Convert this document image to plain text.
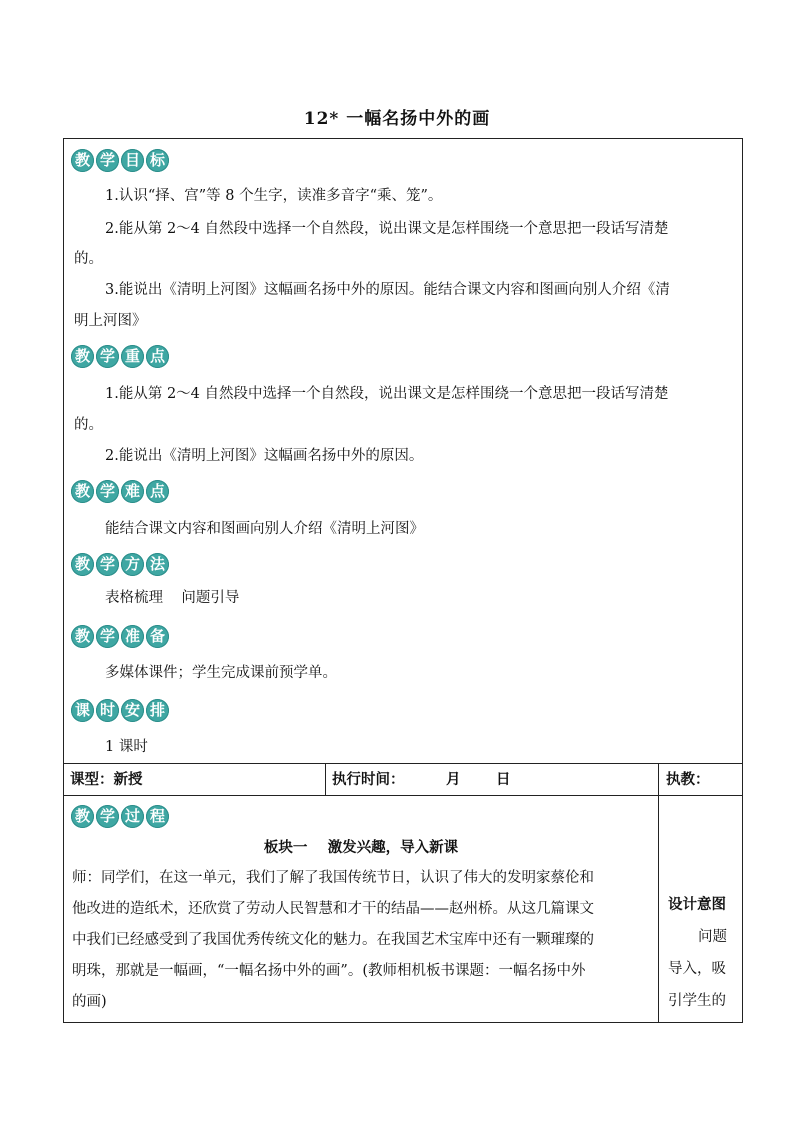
12* 一幅名扬中外的画
教 学 目 标
1.认识“择、宫”等 8 个生字，读准多音字“乘、笼”。
2.能从第 2～4 自然段中选择一个自然段，说出课文是怎样围绕一个意思把一段话写清楚
的。
3.能说出《清明上河图》这幅画名扬中外的原因。能结合课文内容和图画向别人介绍《清
明上河图》
教 学 重 点
1.能从第 2～4 自然段中选择一个自然段，说出课文是怎样围绕一个意思把一段话写清楚
的。
2.能说出《清明上河图》这幅画名扬中外的原因。
教 学 难 点
能结合课文内容和图画向别人介绍《清明上河图》
教 学 方 法
表格梳理    问题引导
教 学 准 备
多媒体课件；学生完成课前预学单。
课 时 安 排
1 课时
课型：新授	执行时间：	月 日	执教：
教 学 过 程
板块一    激发兴趣，导入新课
师：同学们，在这一单元，我们了解了我国传统节日，认识了伟大的发明家蔡伦和
他改进的造纸术，还欣赏了劳动人民智慧和才干的结晶——赵州桥。从这几篇课文
中我们已经感受到了我国优秀传统文化的魅力。在我国艺术宝库中还有一颗璀璨的
明珠，那就是一幅画，“一幅名扬中外的画”。(教师相机板书课题：一幅名扬中外
的画)
设计意图
问题
导入，吸
引学生的
